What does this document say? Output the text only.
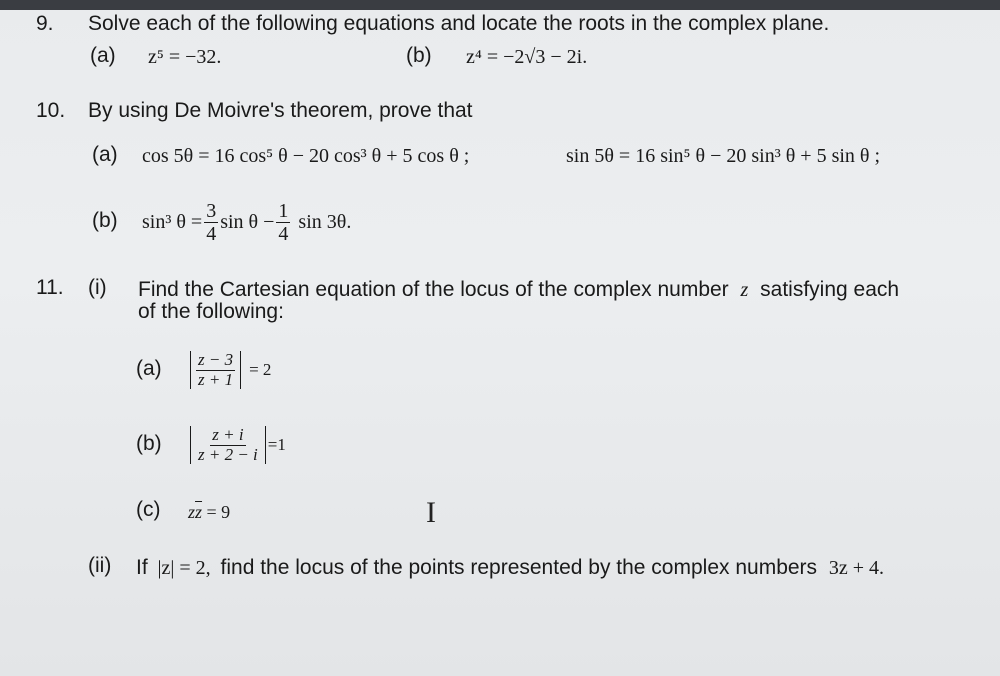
9. Solve each of the following equations and locate the roots in the complex plane.
(a) z⁵ = −32.	(b) z⁴ = −2√3 − 2i.
10. By using De Moivre's theorem, prove that
(a) cos 5θ = 16 cos⁵ θ − 20 cos³ θ + 5 cos θ ;	sin 5θ = 16 sin⁵ θ − 20 sin³ θ + 5 sin θ ;
(b) sin³ $\theta = \frac{3}{4}$ $\sin \theta - \frac{1}{4}$ sin 3θ.
11. (i) Find the Cartesian equation of the locus of the complex number z satisfying each
of the following:
$(a) \frac{z - 3}{z + 1} = 2$
$(b) \frac{z + i}{z + 2 - i} =1$
(c) $z\overline{z} = 9$	I
(ii) If |z| = 2, find the locus of the points represented by the complex numbers 3z + 4.
